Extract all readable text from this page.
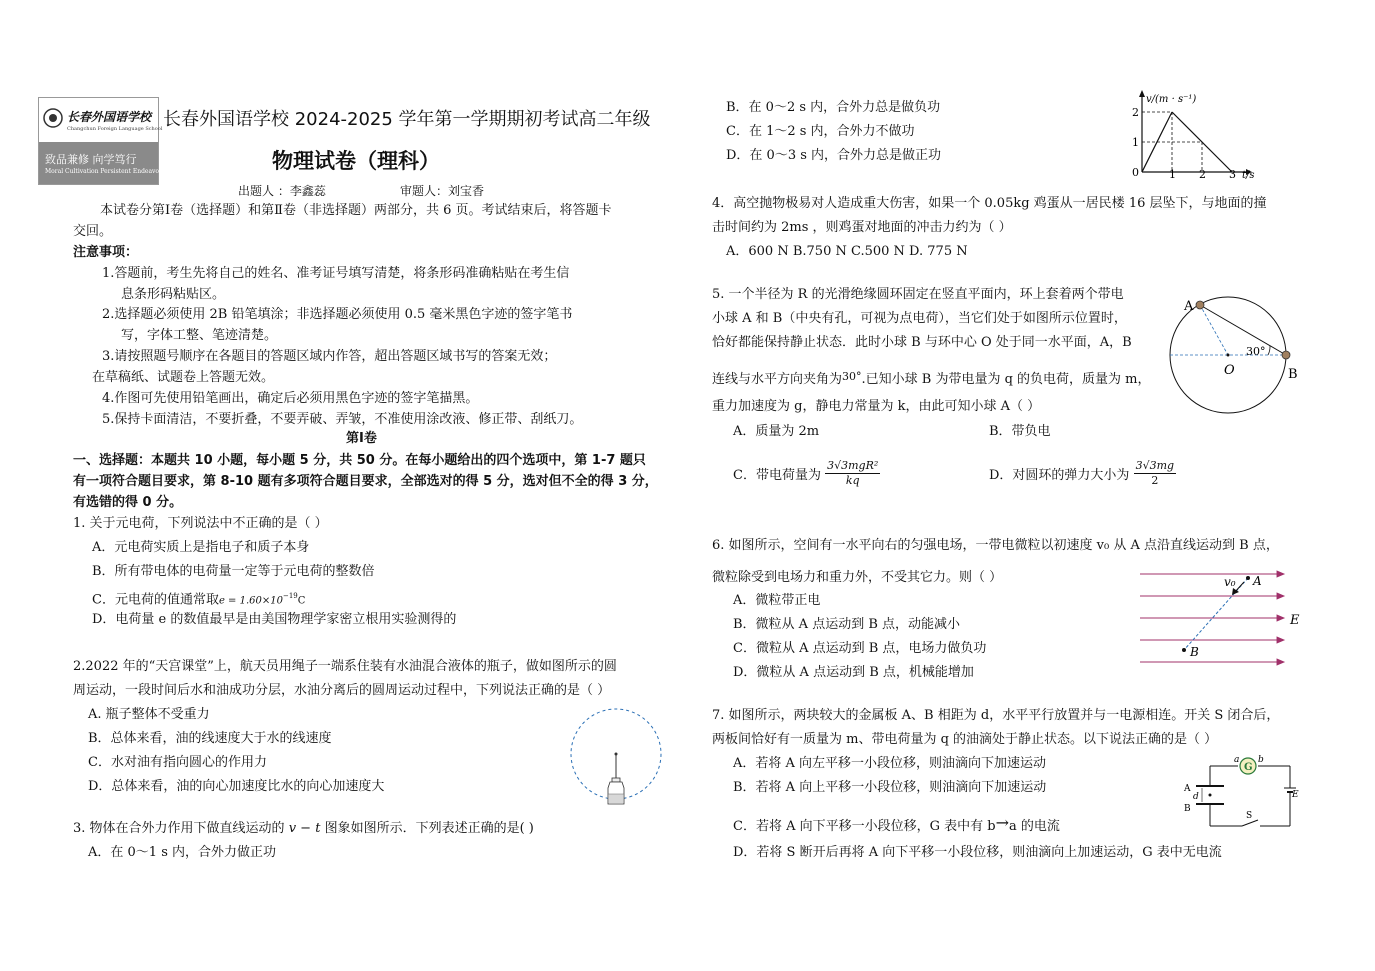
长春外国语学校
Changchun Foreign Language School
致品兼修 向学笃行
Moral Cultivation Persistent Endeavor
长春外国语学校 2024-2025 学年第一学期期初考试高二年级
物理试卷（理科）
出题人 ：李鑫蕊	审题人：刘宝香
本试卷分第Ⅰ卷（选择题）和第Ⅱ卷（非选择题）两部分，共 6 页。考试结束后，将答题卡
交回。
注意事项：
1.答题前，考生先将自己的姓名、准考证号填写清楚，将条形码准确粘贴在考生信
息条形码粘贴区。
2.选择题必须使用 2B 铅笔填涂；非选择题必须使用 0.5 毫米黑色字迹的签字笔书
写，字体工整、笔迹清楚。
3.请按照题号顺序在各题目的答题区域内作答，超出答题区域书写的答案无效；
在草稿纸、试题卷上答题无效。
4.作图可先使用铅笔画出，确定后必须用黑色字迹的签字笔描黑。
5.保持卡面清洁，不要折叠，不要弄破、弄皱，不准使用涂改液、修正带、刮纸刀。
第Ⅰ卷
一、选择题：本题共 10 小题，每小题 5 分，共 50 分。在每小题给出的四个选项中，第 1-7 题只
有一项符合题目要求，第 8-10 题有多项符合题目要求，全部选对的得 5 分，选对但不全的得 3 分，
有选错的得 0 分。
1. 关于元电荷，下列说法中不正确的是（ ）
A．元电荷实质上是指电子和质子本身
B．所有带电体的电荷量一定等于元电荷的整数倍
C．元电荷的值通常取$e = 1.60\times 10^{-19}C$
D．电荷量 e 的数值最早是由美国物理学家密立根用实验测得的
2.2022 年的“天宫课堂”上，航天员用绳子一端系住装有水油混合液体的瓶子，做如图所示的圆
周运动，一段时间后水和油成功分层，水油分离后的圆周运动过程中，下列说法正确的是（ ）
A. 瓶子整体不受重力
B．总体来看，油的线速度大于水的线速度
C．水对油有指向圆心的作用力
D．总体来看，油的向心加速度比水的向心加速度大
3. 物体在合外力作用下做直线运动的 v − t 图象如图所示．下列表述正确的是( )
A．在 0～1 s 内，合外力做正功
B．在 0～2 s 内，合外力总是做负功
C．在 1～2 s 内，合外力不做功
D．在 0～3 s 内，合外力总是做正功
v/(m · s⁻¹)
2
1
0	1 2 3 t/s
4．高空抛物极易对人造成重大伤害，如果一个 0.05kg 鸡蛋从一居民楼 16 层坠下，与地面的撞
击时间约为 2ms ，则鸡蛋对地面的冲击力约为（ ）
A．600 N B.750 N C.500 N D. 775 N
5. 一个半径为 R 的光滑绝缘圆环固定在竖直平面内，环上套着两个带电
小球 A 和 B（中央有孔，可视为点电荷），当它们处于如图所示位置时，
恰好都能保持静止状态．此时小球 B 与环中心 O 处于同一水平面，A，B
连线与水平方向夹角为$^{30^\circ}$.已知小球 B 为带电量为 q 的负电荷，质量为 m，
重力加速度为 g，静电力常量为 k，由此可知小球 A（ ）
A．质量为 2m	B．带负电
C．带电荷量为
3√3mgR²
kq	D．对圆环的弹力大小为 $\frac{3√3mg}{2}$
A
B
O
30°
6. 如图所示，空间有一水平向右的匀强电场，一带电微粒以初速度 v₀ 从 A 点沿直线运动到 B 点，
微粒除受到电场力和重力外，不受其它力。则（ ）
A．微粒带正电
B．微粒从 A 点运动到 B 点，动能减小
C．微粒从 A 点运动到 B 点，电场力做负功
D．微粒从 A 点运动到 B 点，机械能增加
v₀ A
B
E
7. 如图所示，两块较大的金属板 A、B 相距为 d，水平平行放置并与一电源相连。开关 S 闭合后，
两板间恰好有一质量为 m、带电荷量为 q 的油滴处于静止状态。以下说法正确的是（ ）
A．若将 A 向左平移一小段位移，则油滴向下加速运动
B．若将 A 向上平移一小段位移，则油滴向下加速运动
C．若将 A 向下平移一小段位移，G 表中有 b→a 的电流
D．若将 S 断开后再将 A 向下平移一小段位移，则油滴向上加速运动，G 表中无电流
G
a b
A
B
d	E
S
